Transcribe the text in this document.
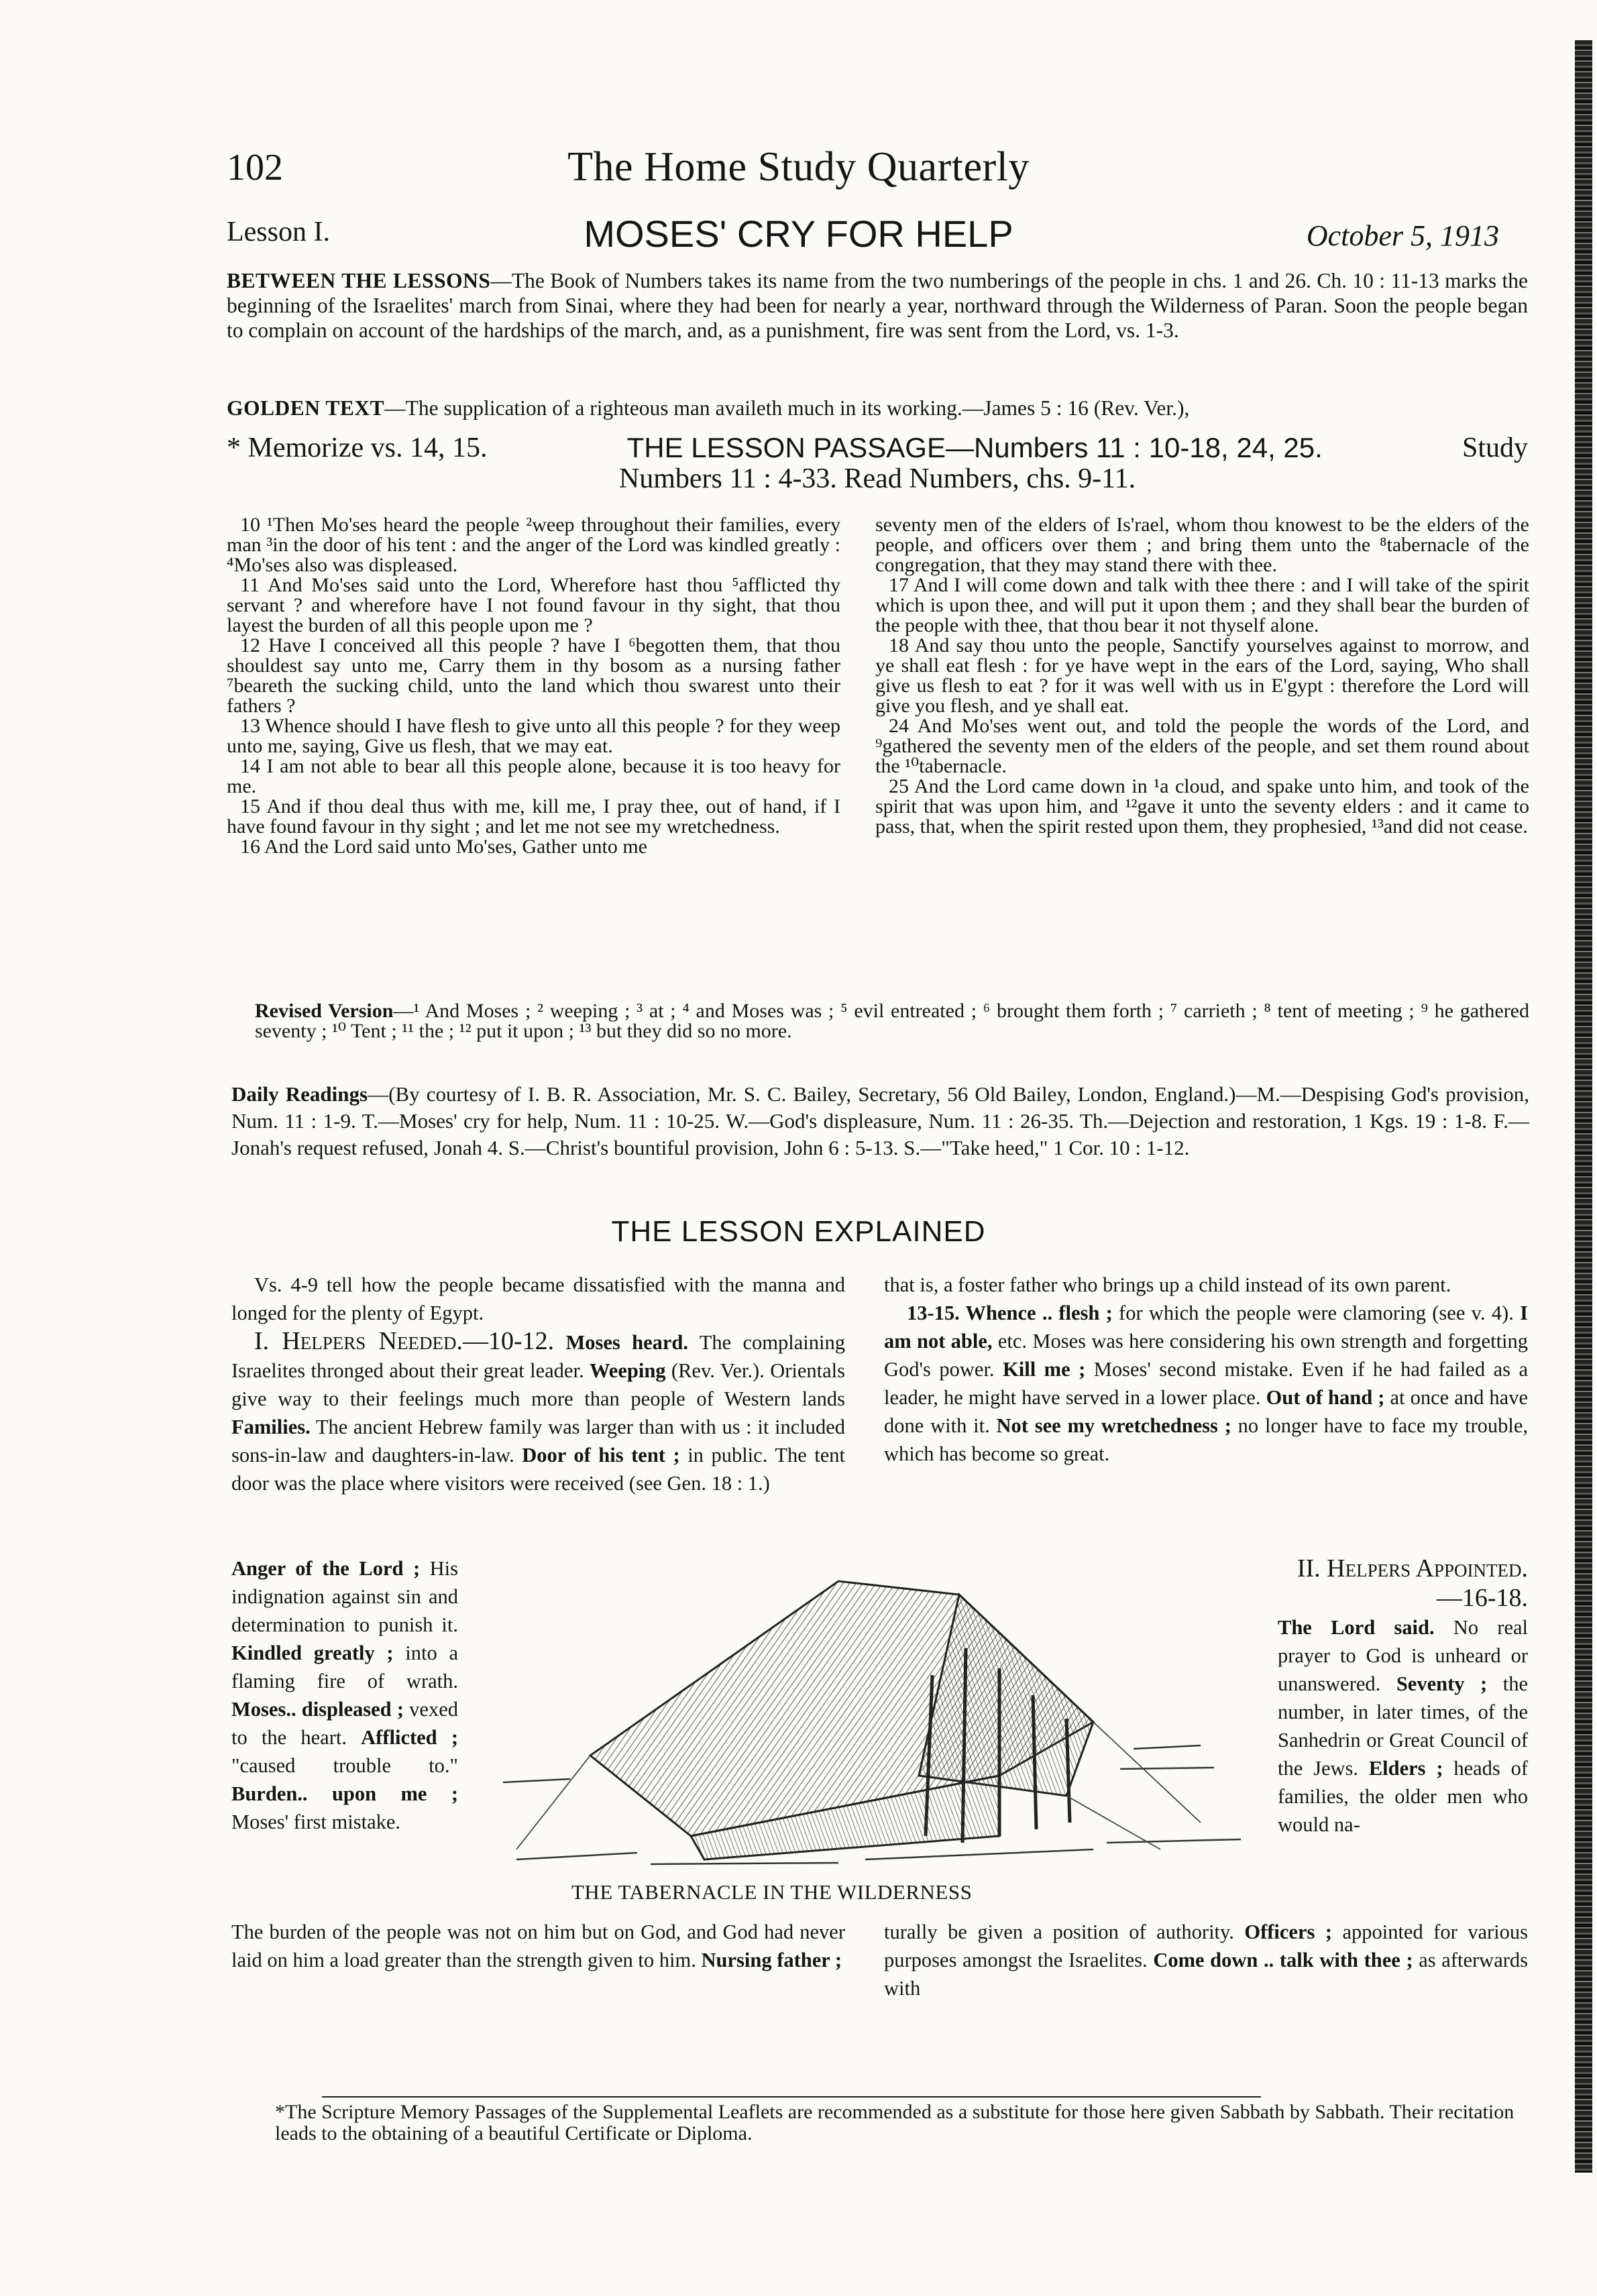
102	The Home Study Quarterly
Lesson I.	MOSES' CRY FOR HELP	October 5, 1913
BETWEEN THE LESSONS—The Book of Numbers takes its name from the two numberings of the people in chs. 1 and 26. Ch. 10 : 11-13 marks the beginning of the Israelites' march from Sinai, where they had been for nearly a year, northward through the Wilderness of Paran. Soon the people began to complain on account of the hardships of the march, and, as a punishment, fire was sent from the Lord, vs. 1-3.
GOLDEN TEXT—The supplication of a righteous man availeth much in its working.—James 5 : 16 (Rev. Ver.),
* Memorize vs. 14, 15.	THE LESSON PASSAGE—Numbers 11 : 10-18, 24, 25.	Study
Numbers 11 : 4-33. Read Numbers, chs. 9-11.

10 ¹Then Mo'ses heard the people ²weep throughout their families, every man ³in the door of his tent : and the anger of the Lord was kindled greatly : ⁴Mo'ses also was displeased.

11 And Mo'ses said unto the Lord, Wherefore hast thou ⁵afflicted thy servant ? and wherefore have I not found favour in thy sight, that thou layest the burden of all this people upon me ?

12 Have I conceived all this people ? have I ⁶begotten them, that thou shouldest say unto me, Carry them in thy bosom as a nursing father ⁷beareth the sucking child, unto the land which thou swarest unto their fathers ?

13 Whence should I have flesh to give unto all this people ? for they weep unto me, saying, Give us flesh, that we may eat.

14 I am not able to bear all this people alone, because it is too heavy for me.

15 And if thou deal thus with me, kill me, I pray thee, out of hand, if I have found favour in thy sight ; and let me not see my wretchedness.

16 And the Lord said unto Mo'ses, Gather unto me

seventy men of the elders of Is'rael, whom thou knowest to be the elders of the people, and officers over them ; and bring them unto the ⁸tabernacle of the congregation, that they may stand there with thee.

17 And I will come down and talk with thee there : and I will take of the spirit which is upon thee, and will put it upon them ; and they shall bear the burden of the people with thee, that thou bear it not thyself alone.

18 And say thou unto the people, Sanctify yourselves against to morrow, and ye shall eat flesh : for ye have wept in the ears of the Lord, saying, Who shall give us flesh to eat ? for it was well with us in E'gypt : therefore the Lord will give you flesh, and ye shall eat.

24 And Mo'ses went out, and told the people the words of the Lord, and ⁹gathered the seventy men of the elders of the people, and set them round about the ¹⁰tabernacle.

25 And the Lord came down in ¹a cloud, and spake unto him, and took of the spirit that was upon him, and ¹²gave it unto the seventy elders : and it came to pass, that, when the spirit rested upon them, they prophesied, ¹³and did not cease.

Revised Version—¹ And Moses ; ² weeping ; ³ at ; ⁴ and Moses was ; ⁵ evil entreated ; ⁶ brought them forth ; ⁷ carrieth ; ⁸ tent of meeting ; ⁹ he gathered seventy ; ¹⁰ Tent ; ¹¹ the ; ¹² put it upon ; ¹³ but they did so no more.
Daily Readings—(By courtesy of I. B. R. Association, Mr. S. C. Bailey, Secretary, 56 Old Bailey, London, England.)—M.—Despising God's provision, Num. 11 : 1-9. T.—Moses' cry for help, Num. 11 : 10-25. W.—God's displeasure, Num. 11 : 26-35. Th.—Dejection and restoration, 1 Kgs. 19 : 1-8. F.—Jonah's request refused, Jonah 4. S.—Christ's bountiful provision, John 6 : 5-13. S.—"Take heed," 1 Cor. 10 : 1-12.
THE LESSON EXPLAINED

Vs. 4-9 tell how the people became dissatisfied with the manna and longed for the plenty of Egypt.

I. Helpers Needed.—10-12. Moses heard. The complaining Israelites thronged about their great leader. Weeping (Rev. Ver.). Orientals give way to their feelings much more than people of Western lands Families. The ancient Hebrew family was larger than with us : it included sons-in-law and daughters-in-law. Door of his tent ; in public. The tent door was the place where visitors were received (see Gen. 18 : 1.)

Anger of the Lord ; His indignation against sin and determination to punish it. Kindled greatly ; into a flaming fire of wrath. Moses.. displeased ; vexed to the heart. Afflicted ; "caused trouble to." Burden.. upon me ; Moses' first mistake.

The burden of the people was not on him but on God, and God had never laid on him a load greater than the strength given to him. Nursing father ;

that is, a foster father who brings up a child instead of its own parent.

13-15. Whence .. flesh ; for which the people were clamoring (see v. 4). I am not able, etc. Moses was here considering his own strength and forgetting God's power. Kill me ; Moses' second mistake. Even if he had failed as a leader, he might have served in a lower place. Out of hand ; at once and have done with it. Not see my wretchedness ; no longer have to face my trouble, which has become so great.

II. Helpers Appointed.—16-18.
The Lord said. No real prayer to God is unheard or unanswered. Seventy ; the number, in later times, of the Sanhedrin or Great Council of the Jews. Elders ; heads of families, the older men who would na-

turally be given a position of authority. Officers ; appointed for various purposes amongst the Israelites. Come down .. talk with thee ; as afterwards with

THE TABERNACLE IN THE WILDERNESS
*The Scripture Memory Passages of the Supplemental Leaflets are recommended as a substitute for those here given Sabbath by Sabbath. Their recitation leads to the obtaining of a beautiful Certificate or Diploma.
